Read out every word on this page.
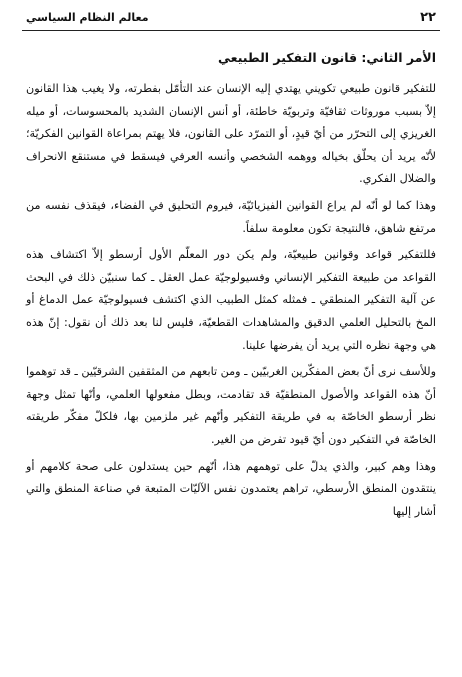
٢٢
معالم النظام السياسي
الأمر الثاني: قانون التفكير الطبيعي

للتفكير قانون طبيعي تكويني يهتدي إليه الإنسان عند التأمّل بفطرته، ولا يغيب هذا القانون إلاّ بسبب موروثات ثقافيّة وتربويّة خاطئة، أو أنس الإنسان الشديد بالمحسوسات، أو ميله الغريزي إلى التحرّر من أيّ قيدٍ، أو التمرّد على القانون، فلا يهتم بمراعاة القوانين الفكريّة؛ لأنّه يريد أن يحلّق بخياله ووهمه الشخصي وأنسه العرفي فيسقط في مستنقع الانحراف والضلال الفكري.

وهذا كما لو أنّه لم يراع القوانين الفيزيائيّة، فيروم التحليق في الفضاء، فيقذف نفسه من مرتفع شاهق، فالنتيجة تكون معلومة سلفاً.

فللتفكير قواعد وقوانين طبيعيّة، ولم يكن دور المعلّم الأول أرسطو إلاّ اكتشاف هذه القواعد من طبيعة التفكير الإنساني وفسيولوجيّة عمل العقل ـ كما سنبيّن ذلك في البحث عن آلية التفكير المنطقي ـ فمثله كمثل الطبيب الذي اكتشف فسيولوجيّة عمل الدماغ أو المخ بالتحليل العلمي الدقيق والمشاهدات القطعيّة، فليس لنا بعد ذلك أن نقول: إنّ هذه هي وجهة نظره التي يريد أن يفرضها علينا.

وللأسف نرى أنّ بعض المفكّرين الغربيّين ـ ومن تابعهم من المثقفين الشرقيّين ـ قد توهموا أنّ هذه القواعد والأصول المنطقيّة قد تقادمت، وبطل مفعولها العلمي، وأنّها تمثل وجهة نظر أرسطو الخاصّة به في طريقة التفكير وأنّهم غير ملزمين بها، فلكلّ مفكّر طريقته الخاصّة في التفكير دون أيّ قيود تفرض من الغير.

وهذا وهم كبير، والذي يدلّ على توهمهم هذا، أنّهم حين يستدلون على صحة كلامهم أو ينتقدون المنطق الأرسطي، تراهم يعتمدون نفس الآليّات المتبعة في صناعة المنطق والتي أشار إليها
